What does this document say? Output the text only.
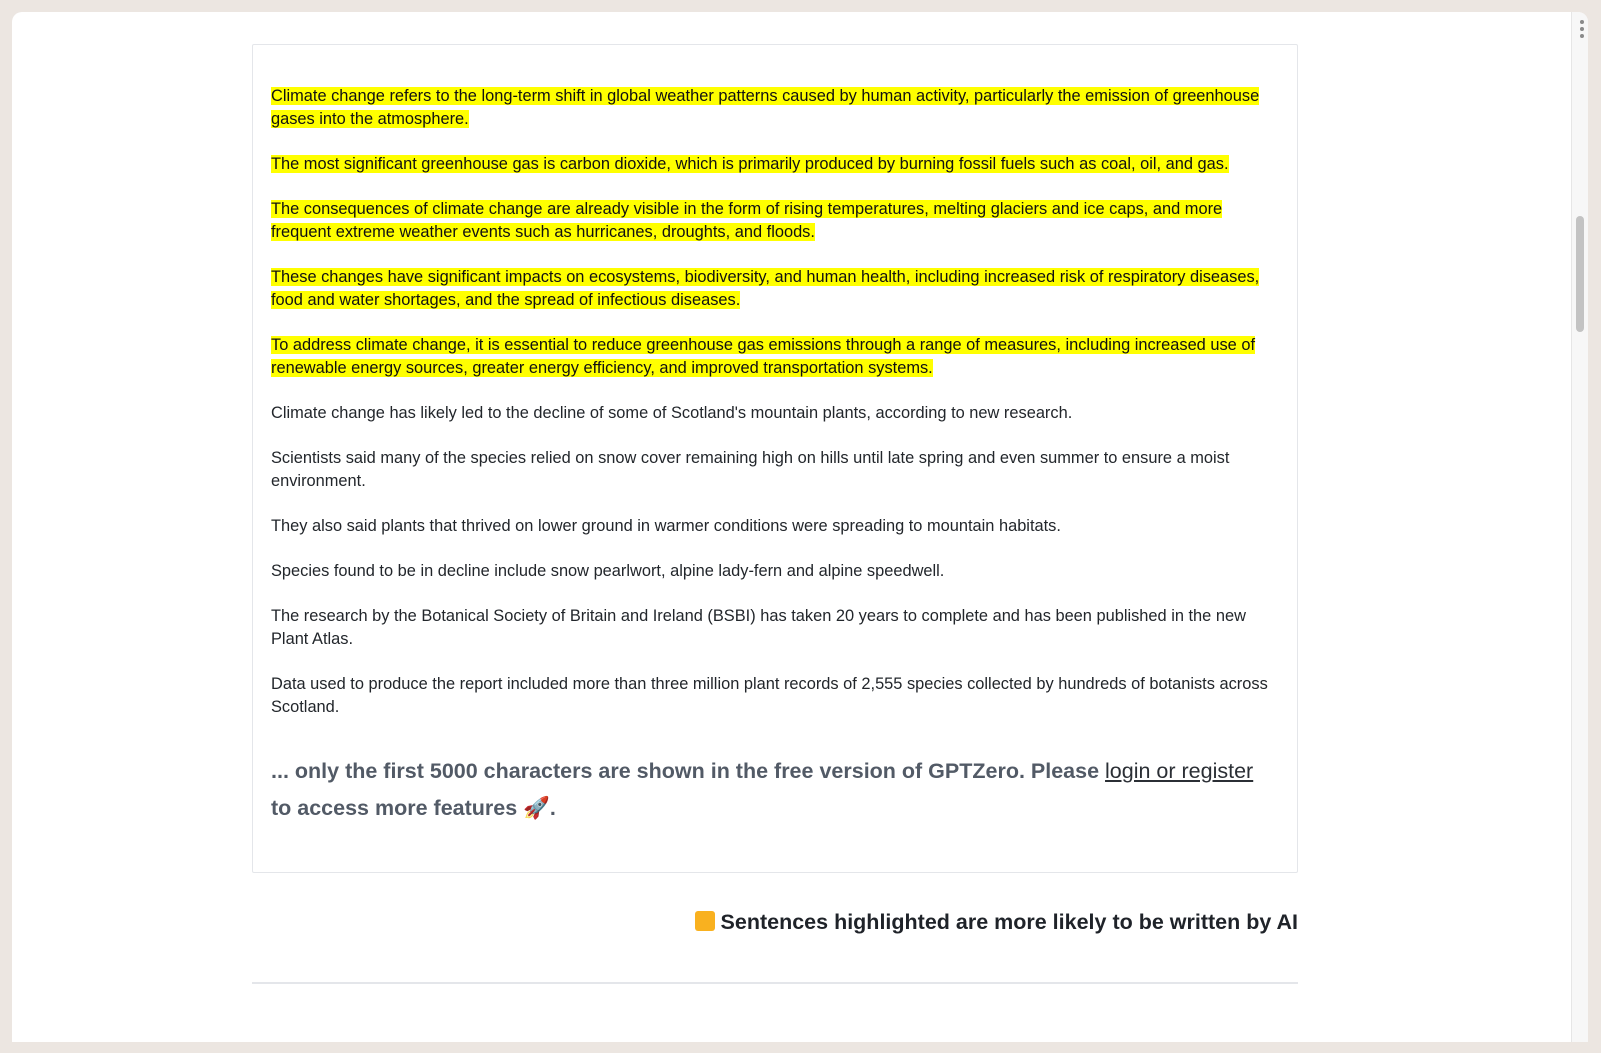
Climate change refers to the long-term shift in global weather patterns caused by human activity, particularly the emission of greenhouse gases into the atmosphere.

The most significant greenhouse gas is carbon dioxide, which is primarily produced by burning fossil fuels such as coal, oil, and gas.

The consequences of climate change are already visible in the form of rising temperatures, melting glaciers and ice caps, and more frequent extreme weather events such as hurricanes, droughts, and floods.

These changes have significant impacts on ecosystems, biodiversity, and human health, including increased risk of respiratory diseases, food and water shortages, and the spread of infectious diseases.

To address climate change, it is essential to reduce greenhouse gas emissions through a range of measures, including increased use of renewable energy sources, greater energy efficiency, and improved transportation systems.

Climate change has likely led to the decline of some of Scotland's mountain plants, according to new research.

Scientists said many of the species relied on snow cover remaining high on hills until late spring and even summer to ensure a moist environment.

They also said plants that thrived on lower ground in warmer conditions were spreading to mountain habitats.

Species found to be in decline include snow pearlwort, alpine lady-fern and alpine speedwell.

The research by the Botanical Society of Britain and Ireland (BSBI) has taken 20 years to complete and has been published in the new Plant Atlas.

Data used to produce the report included more than three million plant records of 2,555 species collected by hundreds of botanists across Scotland.

... only the first 5000 characters are shown in the free version of GPTZero. Please login or register to access more features 🚀.
Sentences highlighted are more likely to be written by AI
